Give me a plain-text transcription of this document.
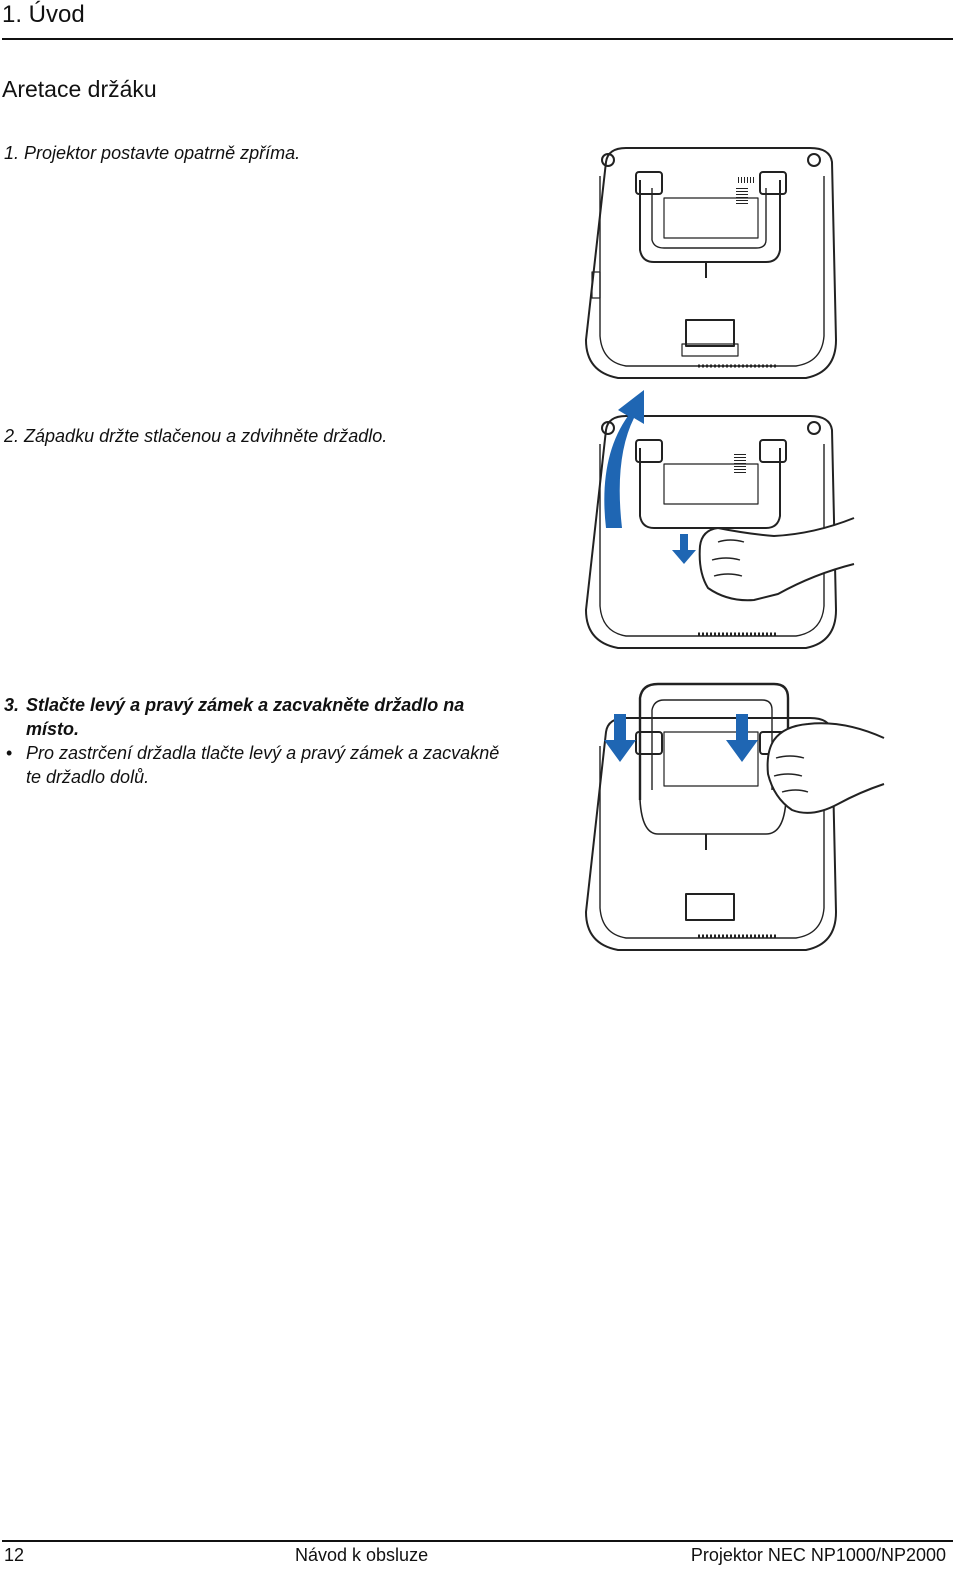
1. Úvod
Aretace držáku
1. Projektor postavte opatrně zpříma.
2. Západku držte stlačenou a zdvihněte držadlo.
3. Stlačte levý a pravý zámek a zacvakněte držadlo na
místo.
• Pro zastrčení držadla tlačte levý a pravý zámek a zacvakně
te držadlo dolů.
12	Návod k obsluze	Projektor NEC NP1000/NP2000
